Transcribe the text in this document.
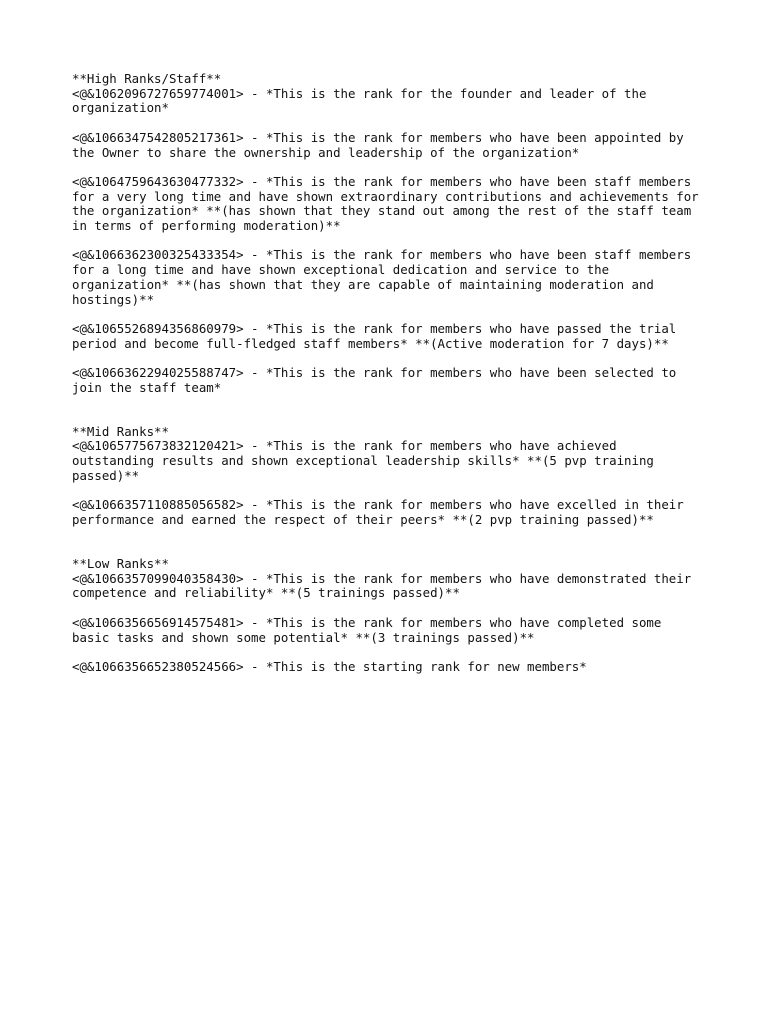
**High Ranks/Staff**
<@&1062096727659774001> - *This is the rank for the founder and leader of the organization*
<@&1066347542805217361> - *This is the rank for members who have been appointed by the Owner to share the ownership and leadership of the organization*
<@&1064759643630477332> - *This is the rank for members who have been staff members for a very long time and have shown extraordinary contributions and achievements for the organization* **(has shown that they stand out among the rest of the staff team in terms of performing moderation)**
<@&1066362300325433354> - *This is the rank for members who have been staff members for a long time and have shown exceptional dedication and service to the organization* **(has shown that they are capable of maintaining moderation and hostings)**
<@&1065526894356860979> - *This is the rank for members who have passed the trial period and become full-fledged staff members* **(Active moderation for 7 days)**
<@&1066362294025588747> - *This is the rank for members who have been selected to join the staff team*
**Mid Ranks**
<@&1065775673832120421> - *This is the rank for members who have achieved outstanding results and shown exceptional leadership skills* **(5 pvp training passed)**
<@&1066357110885056582> - *This is the rank for members who have excelled in their performance and earned the respect of their peers* **(2 pvp training passed)**
**Low Ranks**
<@&1066357099040358430> - *This is the rank for members who have demonstrated their competence and reliability* **(5 trainings passed)**
<@&1066356656914575481> - *This is the rank for members who have completed some basic tasks and shown some potential* **(3 trainings passed)**
<@&1066356652380524566> - *This is the starting rank for new members*
